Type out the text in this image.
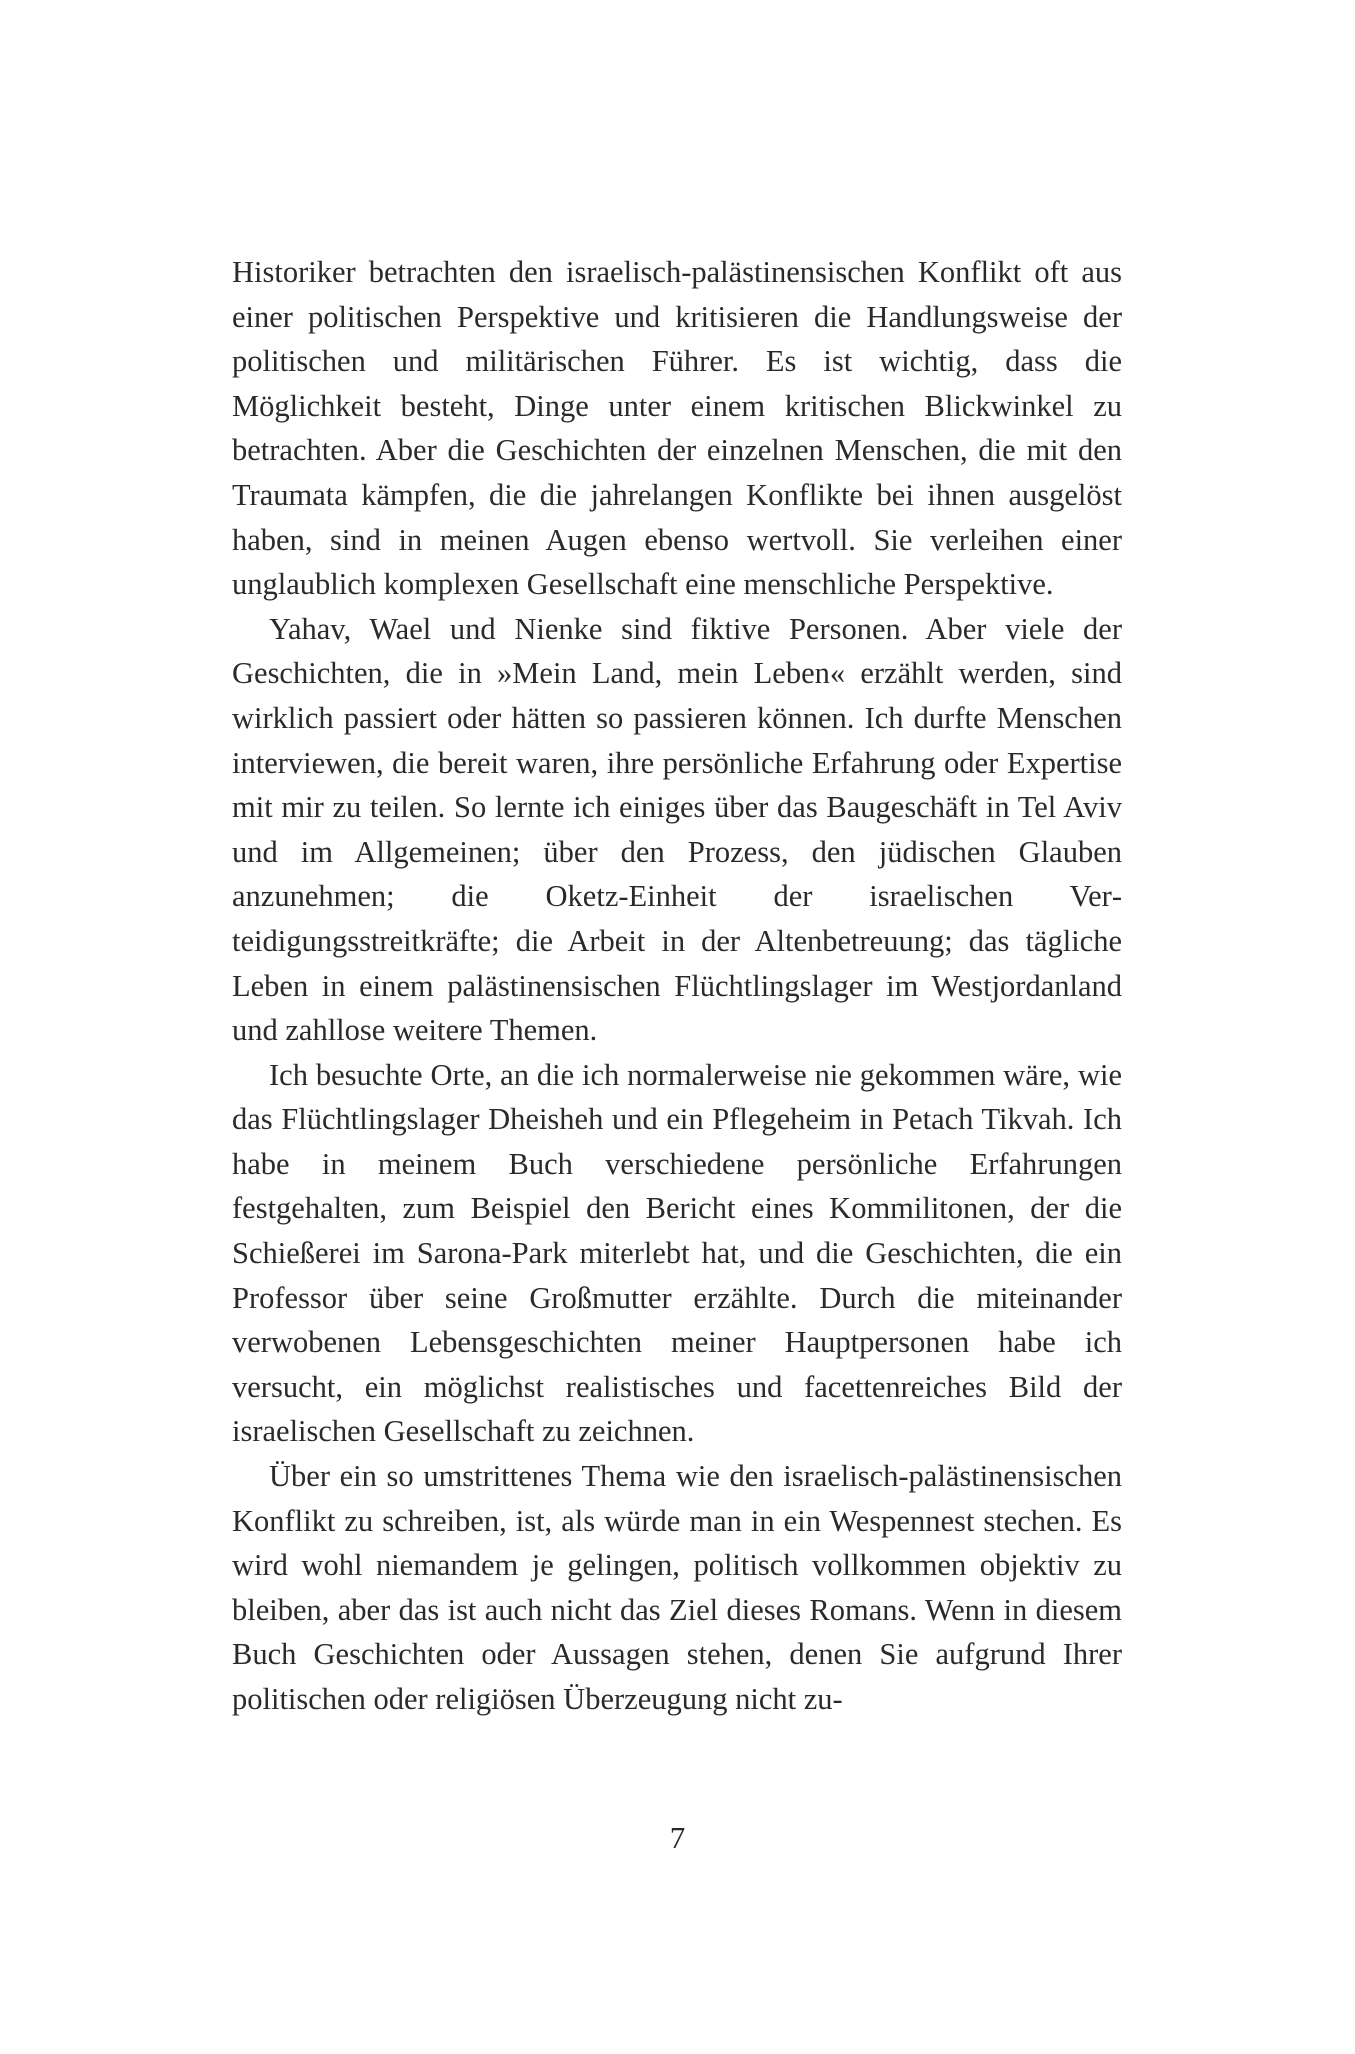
Historiker betrachten den israelisch-palästinensischen Konflikt oft aus einer politischen Perspektive und kritisieren die Handlungsweise der politischen und militärischen Führer. Es ist wichtig, dass die Möglichkeit besteht, Dinge unter einem kritischen Blickwinkel zu betrachten. Aber die Geschichten der einzelnen Menschen, die mit den Traumata kämpfen, die die jahrelangen Konflikte bei ihnen ausgelöst haben, sind in meinen Augen ebenso wertvoll. Sie verleihen einer unglaublich komplexen Gesellschaft eine menschliche Perspektive.

Yahav, Wael und Nienke sind fiktive Personen. Aber viele der Geschichten, die in »Mein Land, mein Leben« erzählt werden, sind wirklich passiert oder hätten so passieren können. Ich durfte Menschen interviewen, die bereit waren, ihre persönliche Erfahrung oder Expertise mit mir zu teilen. So lernte ich einiges über das Baugeschäft in Tel Aviv und im Allgemeinen; über den Prozess, den jüdischen Glauben anzunehmen; die Oketz-Einheit der israelischen Verteidigungsstreitkräfte; die Arbeit in der Altenbetreuung; das tägliche Leben in einem palästinensischen Flüchtlingslager im Westjordanland und zahllose weitere Themen.

Ich besuchte Orte, an die ich normalerweise nie gekommen wäre, wie das Flüchtlingslager Dheisheh und ein Pflegeheim in Petach Tikvah. Ich habe in meinem Buch verschiedene persönliche Erfahrungen festgehalten, zum Beispiel den Bericht eines Kommilitonen, der die Schießerei im Sarona-Park miterlebt hat, und die Geschichten, die ein Professor über seine Großmutter erzählte. Durch die miteinander verwobenen Lebensgeschichten meiner Hauptpersonen habe ich versucht, ein möglichst realistisches und facettenreiches Bild der israelischen Gesellschaft zu zeichnen.

Über ein so umstrittenes Thema wie den israelisch-palästinensischen Konflikt zu schreiben, ist, als würde man in ein Wespennest stechen. Es wird wohl niemandem je gelingen, politisch vollkommen objektiv zu bleiben, aber das ist auch nicht das Ziel dieses Romans. Wenn in diesem Buch Geschichten oder Aussagen stehen, denen Sie aufgrund Ihrer politischen oder religiösen Überzeugung nicht zu-

7
